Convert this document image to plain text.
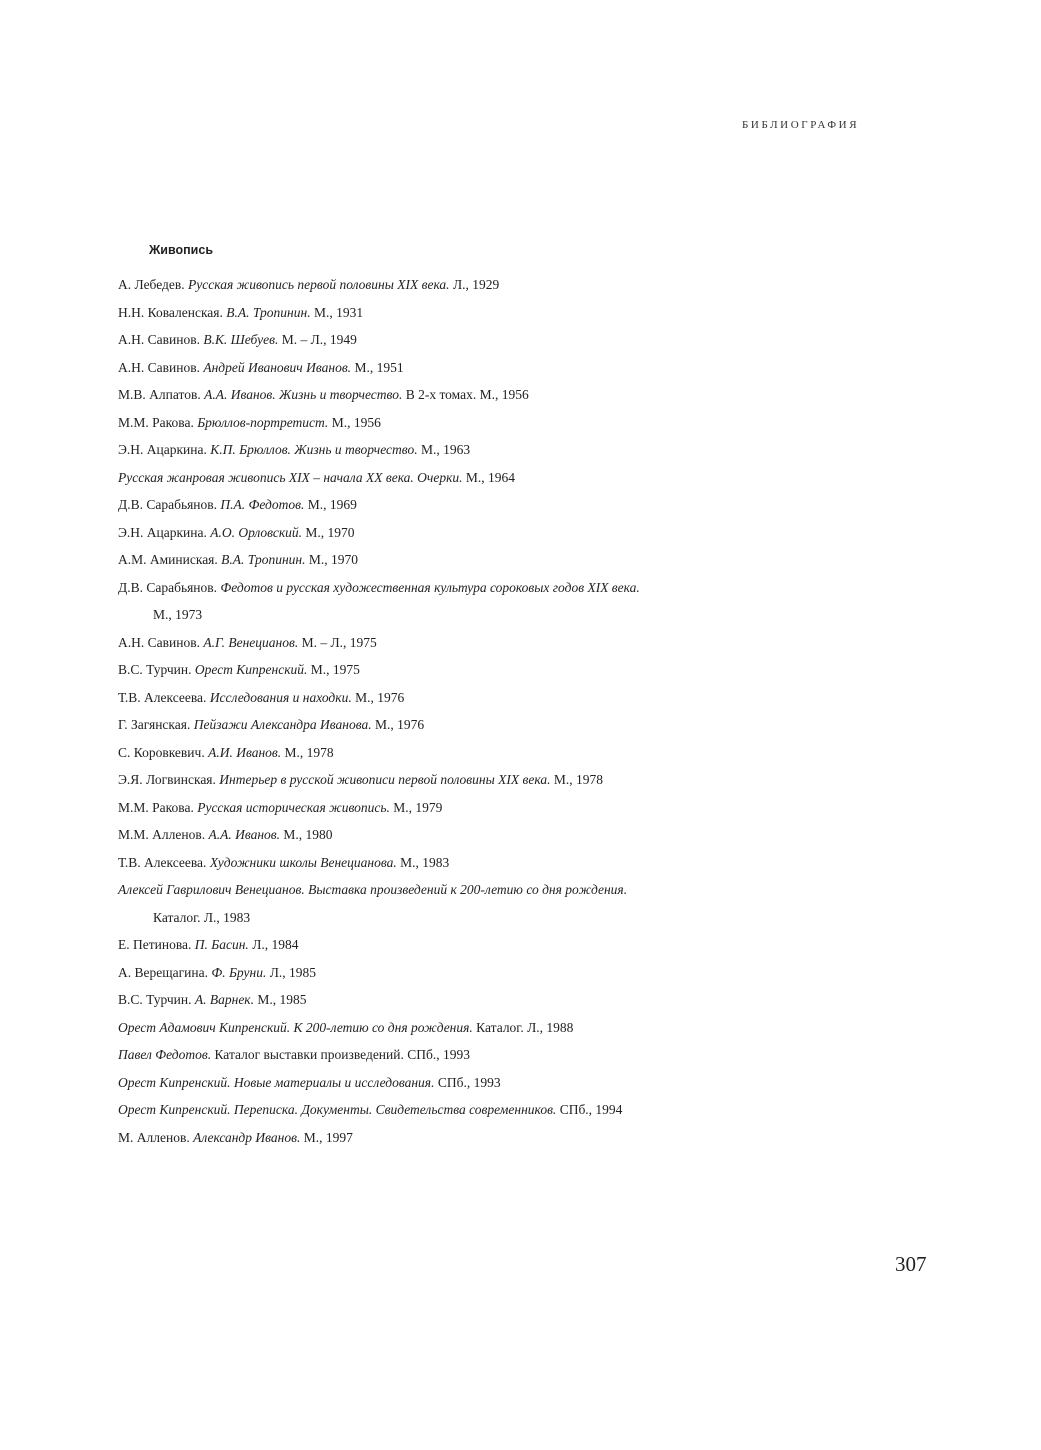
БИБЛИОГРАФИЯ
Живопись

А. Лебедев. Русская живопись первой половины XIX века. Л., 1929

Н.Н. Коваленская. В.А. Тропинин. М., 1931

А.Н. Савинов. В.К. Шебуев. М. – Л., 1949

А.Н. Савинов. Андрей Иванович Иванов. М., 1951

М.В. Алпатов. А.А. Иванов. Жизнь и творчество. В 2-х томах. М., 1956

М.М. Ракова. Брюллов-портретист. М., 1956

Э.Н. Ацаркина. К.П. Брюллов. Жизнь и творчество. М., 1963

Русская жанровая живопись XIX – начала XX века. Очерки. М., 1964

Д.В. Сарабьянов. П.А. Федотов. М., 1969

Э.Н. Ацаркина. А.О. Орловский. М., 1970

А.М. Аминиская. В.А. Тропинин. М., 1970

Д.В. Сарабьянов. Федотов и русская художественная культура сороковых годов XIX века.
М., 1973

А.Н. Савинов. А.Г. Венецианов. М. – Л., 1975

В.С. Турчин. Орест Кипренский. М., 1975

Т.В. Алексеева. Исследования и находки. М., 1976

Г. Загянская. Пейзажи Александра Иванова. М., 1976

С. Коровкевич. А.И. Иванов. М., 1978

Э.Я. Логвинская. Интерьер в русской живописи первой половины XIX века. М., 1978

М.М. Ракова. Русская историческая живопись. М., 1979

М.М. Алленов. А.А. Иванов. М., 1980

Т.В. Алексеева. Художники школы Венецианова. М., 1983

Алексей Гаврилович Венецианов. Выставка произведений к 200-летию со дня рождения.
Каталог. Л., 1983

Е. Петинова. П. Басин. Л., 1984

А. Верещагина. Ф. Бруни. Л., 1985

В.С. Турчин. А. Варнек. М., 1985

Орест Адамович Кипренский. К 200-летию со дня рождения. Каталог. Л., 1988

Павел Федотов. Каталог выставки произведений. СПб., 1993

Орест Кипренский. Новые материалы и исследования. СПб., 1993

Орест Кипренский. Переписка. Документы. Свидетельства современников. СПб., 1994

М. Алленов. Александр Иванов. М., 1997

307
